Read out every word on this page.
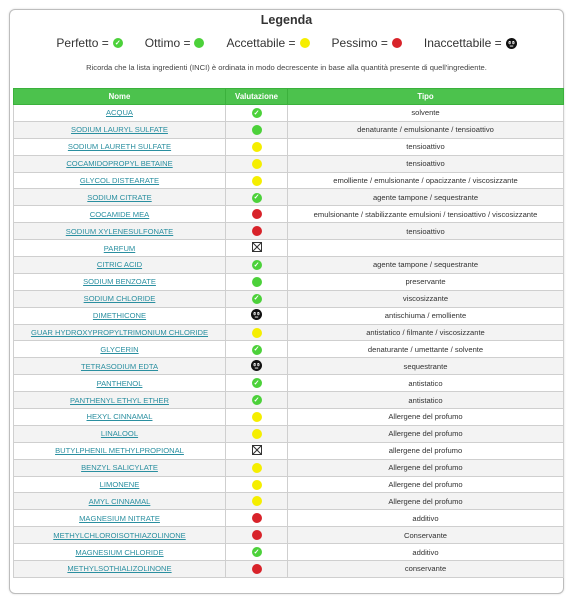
Legenda
Perfetto = ✓ Ottimo =	Accettabile =	Pessimo =	Inaccettabile =
Ricorda che la lista ingredienti (INCI) è ordinata in modo decrescente in base alla quantità presente di quell'ingrediente.
Nome	Valutazione	Tipo
ACQUA	✓	solvente
SODIUM LAURYL SULFATE		denaturante / emulsionante / tensioattivo
SODIUM LAURETH SULFATE		tensioattivo
COCAMIDOPROPYL BETAINE		tensioattivo
GLYCOL DISTEARATE		emolliente / emulsionante / opacizzante / viscosizzante
SODIUM CITRATE	✓	agente tampone / sequestrante
COCAMIDE MEA		emulsionante / stabilizzante emulsioni / tensioattivo / viscosizzante
SODIUM XYLENESULFONATE		tensioattivo
PARFUM	

CITRIC ACID	✓	agente tampone / sequestrante
SODIUM BENZOATE		preservante
SODIUM CHLORIDE	✓	viscosizzante
DIMETHICONE		antischiuma / emolliente
GUAR HYDROXYPROPYLTRIMONIUM CHLORIDE		antistatico / filmante / viscosizzante
GLYCERIN	✓	denaturante / umettante / solvente
TETRASODIUM EDTA		sequestrante
PANTHENOL	✓	antistatico
PANTHENYL ETHYL ETHER	✓	antistatico
HEXYL CINNAMAL		Allergene del profumo
LINALOOL		Allergene del profumo
BUTYLPHENIL METHYLPROPIONAL		allergene del profumo
BENZYL SALICYLATE		Allergene del profumo
LIMONENE		Allergene del profumo
AMYL CINNAMAL		Allergene del profumo
MAGNESIUM NITRATE		additivo
METHYLCHLOROISOTHIAZOLINONE		Conservante
MAGNESIUM CHLORIDE	✓	additivo
METHYLSOTHIALIZOLINONE		conservante
